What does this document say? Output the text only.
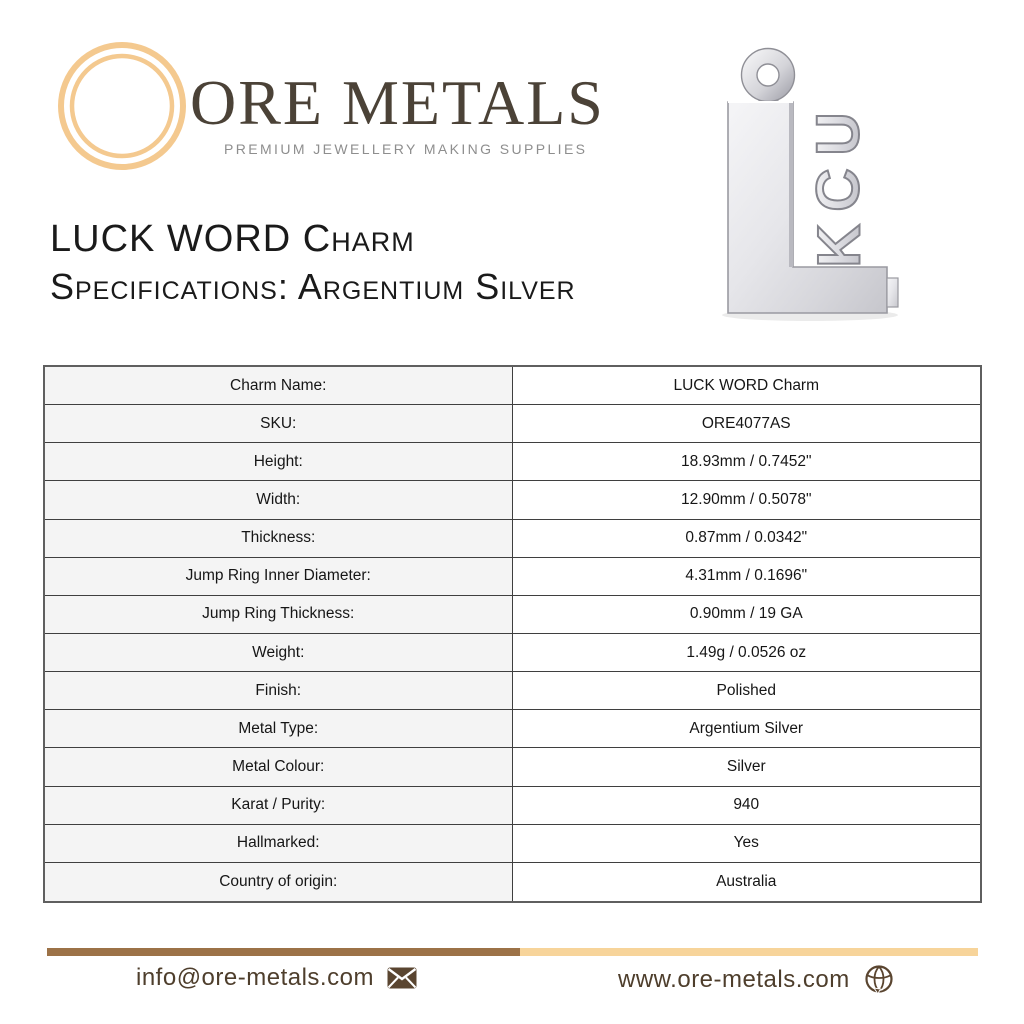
ORE METALS
PREMIUM JEWELLERY MAKING SUPPLIES	U
C
K
LUCK WORD Charm
Specifications: Argentium Silver
Charm Name:	LUCK WORD Charm
SKU:	ORE4077AS
Height:	18.93mm / 0.7452"
Width:	12.90mm / 0.5078"
Thickness:	0.87mm / 0.0342"
Jump Ring Inner Diameter:	4.31mm / 0.1696"
Jump Ring Thickness:	0.90mm / 19 GA
Weight:	1.49g / 0.0526 oz
Finish:	Polished
Metal Type:	Argentium Silver
Metal Colour:	Silver
Karat / Purity:	940
Hallmarked:	Yes
Country of origin:	Australia
info@ore-metals.com	www.ore-metals.com
